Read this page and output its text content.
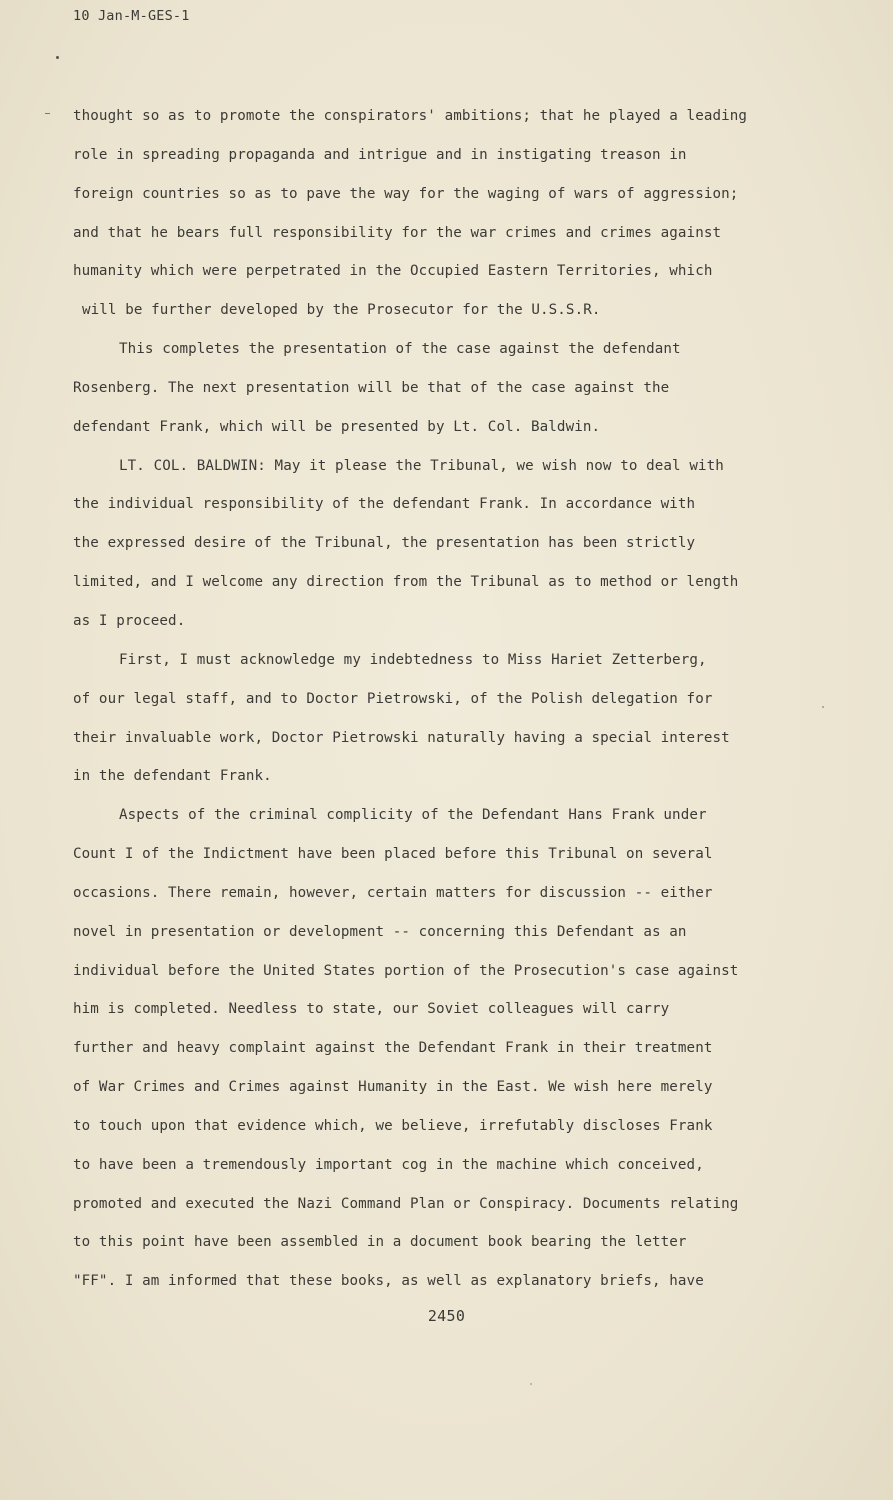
10 Jan-M-GES-1
thought so as to promote the conspirators' ambitions; that he played a leading
role in spreading propaganda and intrigue and in instigating treason in
foreign countries so as to pave the way for the waging of wars of aggression;
and that he bears full responsibility for the war crimes and crimes against
humanity which were perpetrated in the Occupied Eastern Territories, which
will be further developed by the Prosecutor for the U.S.S.R.
This completes the presentation of the case against the defendant
Rosenberg. The next presentation will be that of the case against the
defendant Frank, which will be presented by Lt. Col. Baldwin.
LT. COL. BALDWIN: May it please the Tribunal, we wish now to deal with
the individual responsibility of the defendant Frank. In accordance with
the expressed desire of the Tribunal, the presentation has been strictly
limited, and I welcome any direction from the Tribunal as to method or length
as I proceed.
First, I must acknowledge my indebtedness to Miss Hariet Zetterberg,
of our legal staff, and to Doctor Pietrowski, of the Polish delegation for
their invaluable work, Doctor Pietrowski naturally having a special interest
in the defendant Frank.
Aspects of the criminal complicity of the Defendant Hans Frank under
Count I of the Indictment have been placed before this Tribunal on several
occasions. There remain, however, certain matters for discussion -- either
novel in presentation or development -- concerning this Defendant as an
individual before the United States portion of the Prosecution's case against
him is completed. Needless to state, our Soviet colleagues will carry
further and heavy complaint against the Defendant Frank in their treatment
of War Crimes and Crimes against Humanity in the East. We wish here merely
to touch upon that evidence which, we believe, irrefutably discloses Frank
to have been a tremendously important cog in the machine which conceived,
promoted and executed the Nazi Command Plan or Conspiracy. Documents relating
to this point have been assembled in a document book bearing the letter
"FF". I am informed that these books, as well as explanatory briefs, have
2450
